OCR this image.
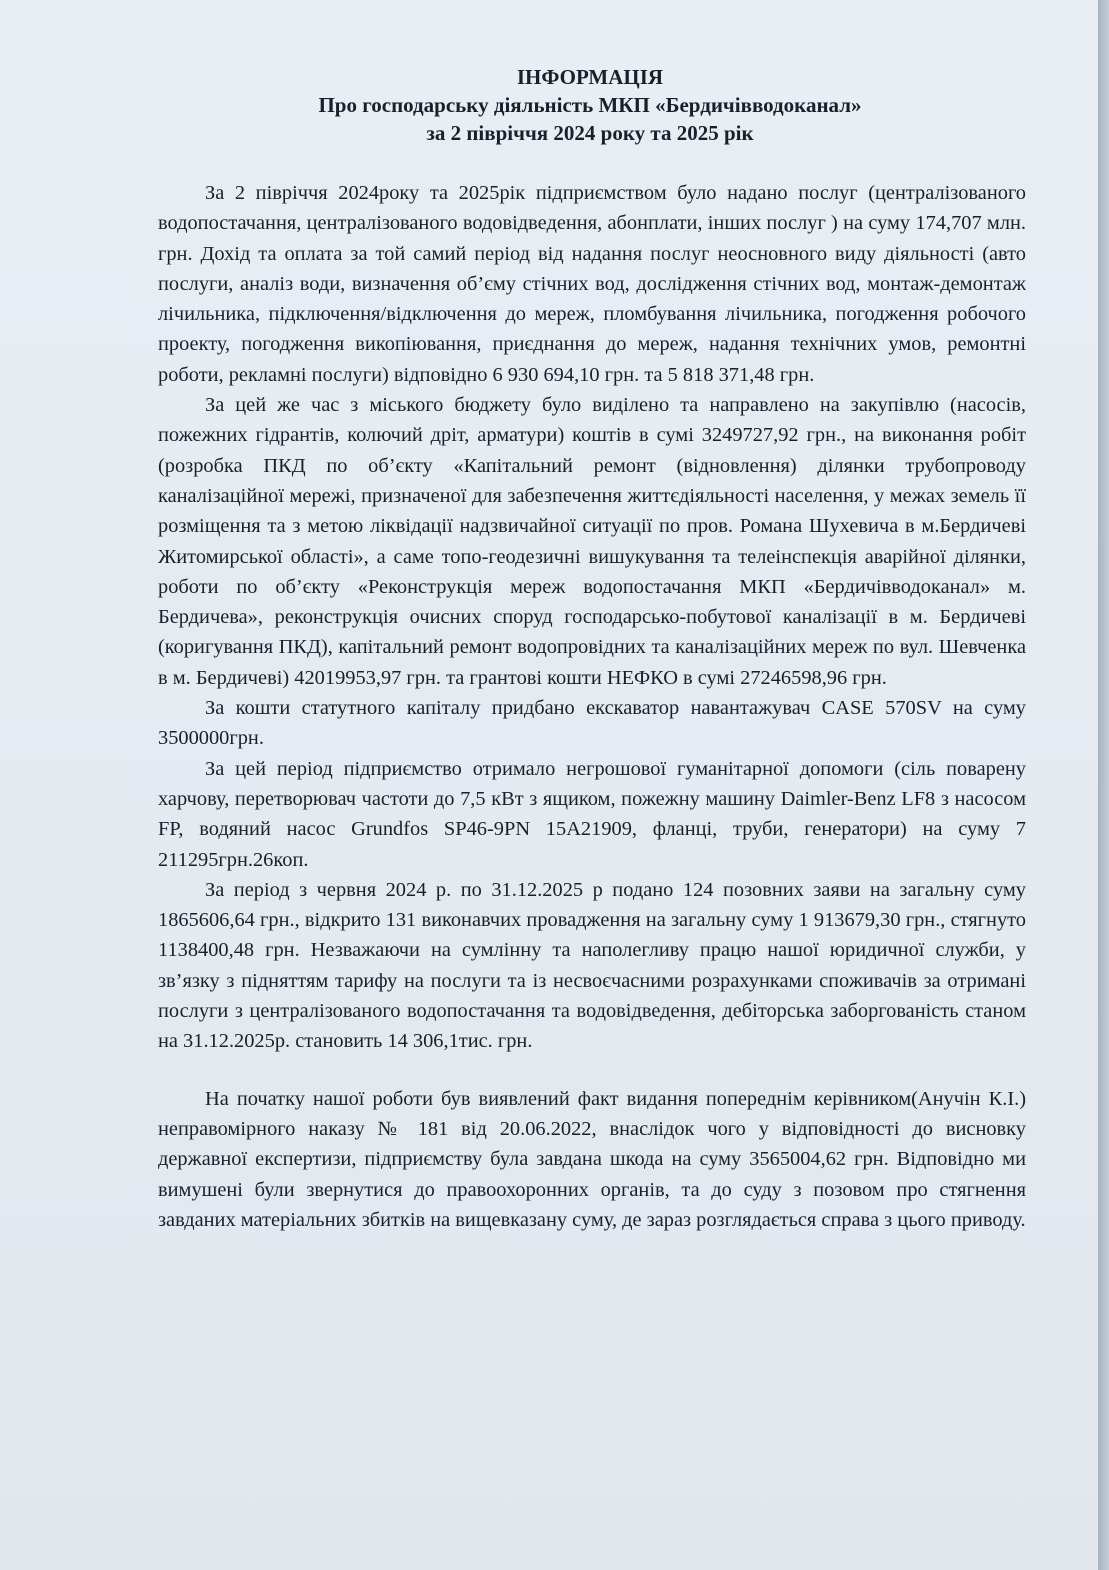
ІНФОРМАЦІЯ
Про господарську діяльність МКП «Бердичівводоканал»
за 2 півріччя 2024 року та 2025 рік

За 2 півріччя 2024року та 2025рік підприємством було надано послуг (централізованого водопостачання, централізованого водовідведення, абонплати, інших послуг ) на суму 174,707 млн. грн. Дохід та оплата за той самий період від надання послуг неосновного виду діяльності (авто послуги, аналіз води, визначення об’єму стічних вод, дослідження стічних вод, монтаж-демонтаж лічильника, підключення/відключення до мереж, пломбування лічильника, погодження робочого проекту, погодження викопіювання, приєднання до мереж, надання технічних умов, ремонтні роботи, рекламні послуги) відповідно 6 930 694,10 грн. та 5 818 371,48 грн.

За цей же час з міського бюджету було виділено та направлено на закупівлю (насосів, пожежних гідрантів, колючий дріт, арматури) коштів в сумі 3249727,92 грн., на виконання робіт (розробка ПКД по об’єкту «Капітальний ремонт (відновлення) ділянки трубопроводу каналізаційної мережі, призначеної для забезпечення життєдіяльності населення, у межах земель її розміщення та з метою ліквідації надзвичайної ситуації по пров. Романа Шухевича в м.Бердичеві Житомирської області», а саме топо-геодезичні вишукування та телеінспекція аварійної ділянки, роботи по об’єкту «Реконструкція мереж водопостачання МКП «Бердичівводоканал» м. Бердичева», реконструкція очисних споруд господарсько-побутової каналізації в м. Бердичеві (коригування ПКД), капітальний ремонт водопровідних та каналізаційних мереж по вул. Шевченка в м. Бердичеві) 42019953,97 грн. та грантові кошти НЕФКО в сумі 27246598,96 грн.

За кошти статутного капіталу придбано екскаватор навантажувач CASE 570SV на суму 3500000грн.

За цей період підприємство отримало негрошової гуманітарної допомоги (сіль поварену харчову, перетворювач частоти до 7,5 кВт з ящиком, пожежну машину Daimler-Benz LF8 з насосом FP, водяний насос Grundfos SP46-9PN 15A21909, фланці, труби, генератори) на суму 7 211295грн.26коп.

За період з червня 2024 р. по 31.12.2025 р подано 124 позовних заяви на загальну суму 1865606,64 грн., відкрито 131 виконавчих провадження на загальну суму 1 913679,30 грн., стягнуто 1138400,48 грн. Незважаючи на сумлінну та наполегливу працю нашої юридичної служби, у зв’язку з підняттям тарифу на послуги та із несвоєчасними розрахунками споживачів за отримані послуги з централізованого водопостачання та водовідведення, дебіторська заборгованість станом на 31.12.2025р. становить 14 306,1тис. грн.

На початку нашої роботи був виявлений факт видання попереднім керівником(Анучін К.І.) неправомірного наказу № 181 від 20.06.2022, внаслідок чого у відповідності до висновку державної експертизи, підприємству була завдана шкода на суму 3565004,62 грн. Відповідно ми вимушені були звернутися до правоохоронних органів, та до суду з позовом про стягнення завданих матеріальних збитків на вищевказану суму, де зараз розглядається справа з цього приводу.
